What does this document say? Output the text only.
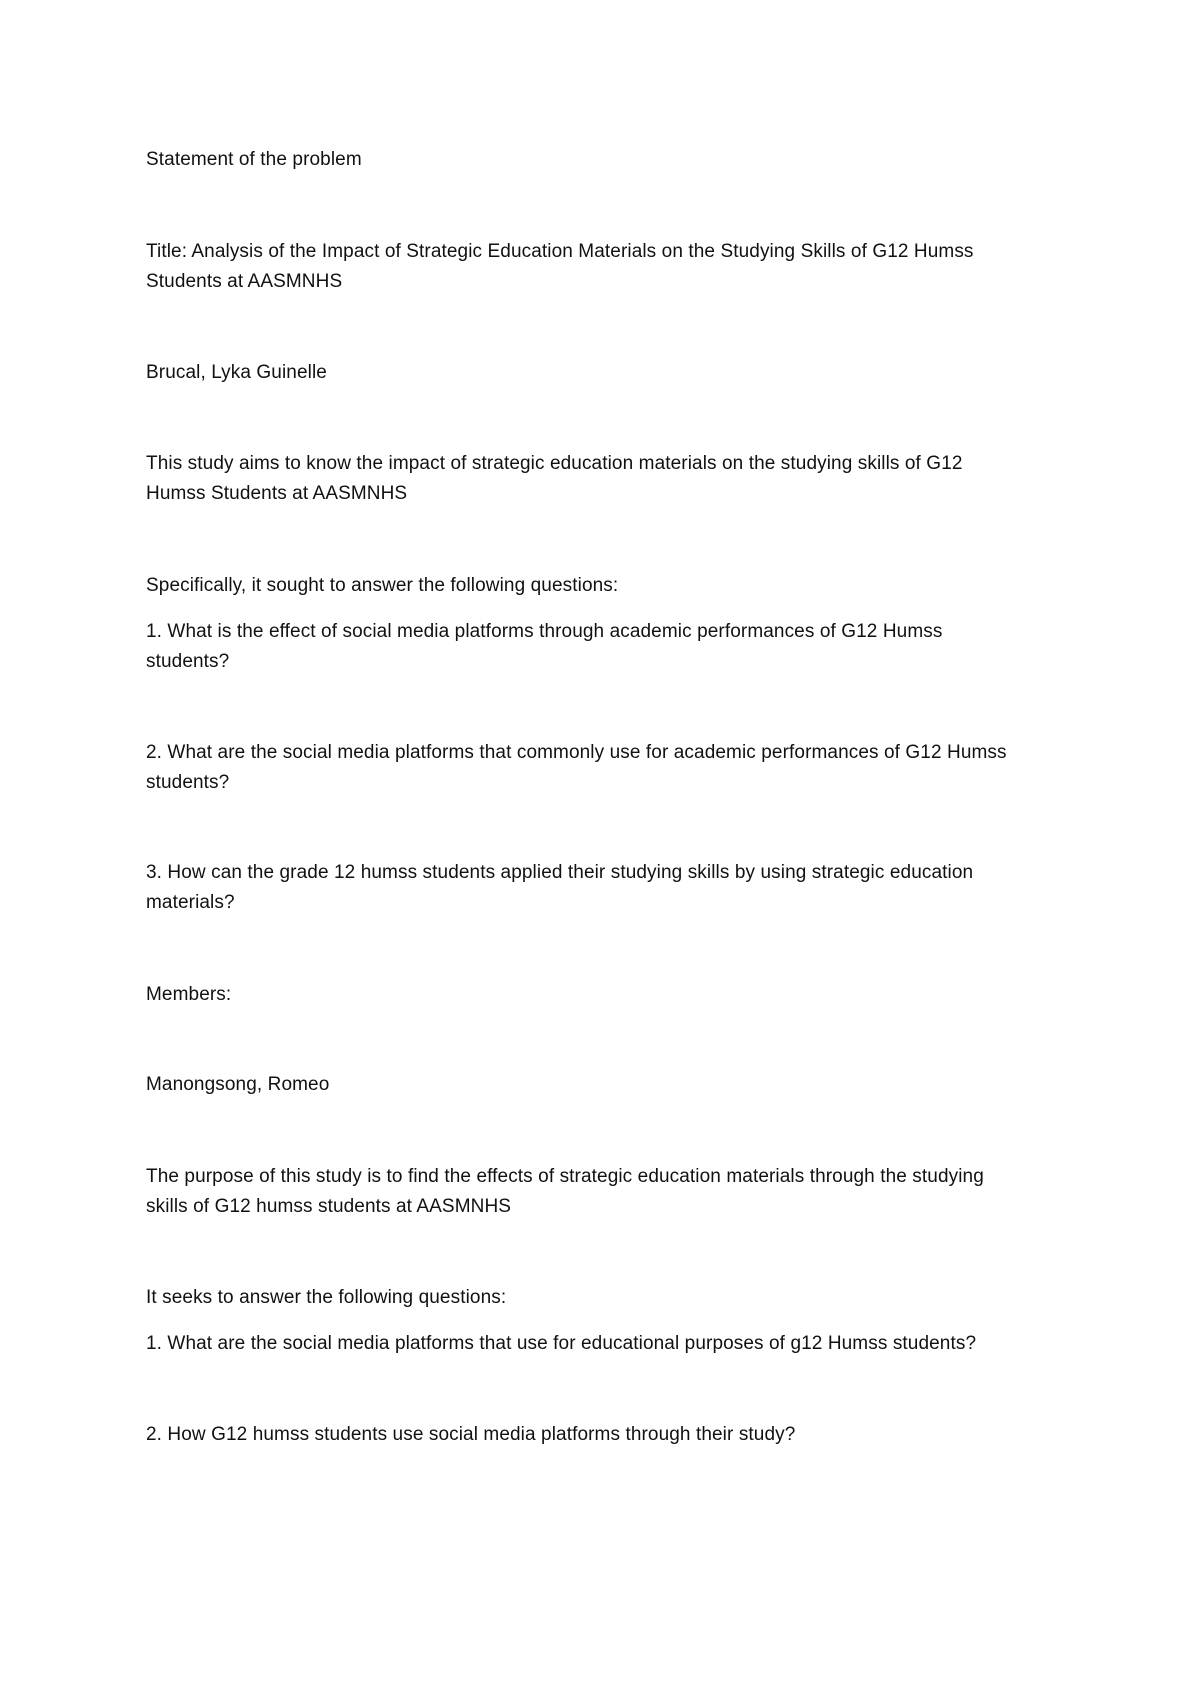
Statement of the problem
Title: Analysis of the Impact of Strategic Education Materials on the Studying Skills of G12 Humss
Students at AASMNHS
Brucal, Lyka Guinelle
This study aims to know the impact of strategic education materials on the studying skills of G12
Humss Students at AASMNHS
Specifically, it sought to answer the following questions:
1. What is the effect of social media platforms through academic performances of G12 Humss
students?
2. What are the social media platforms that commonly use for academic performances of G12 Humss
students?
3. How can the grade 12 humss students applied their studying skills by using strategic education
materials?
Members:
Manongsong, Romeo
The purpose of this study is to find the effects of strategic education materials through the studying
skills of G12 humss students at AASMNHS
It seeks to answer the following questions:
1. What are the social media platforms that use for educational purposes of g12 Humss students?
2. How G12 humss students use social media platforms through their study?
